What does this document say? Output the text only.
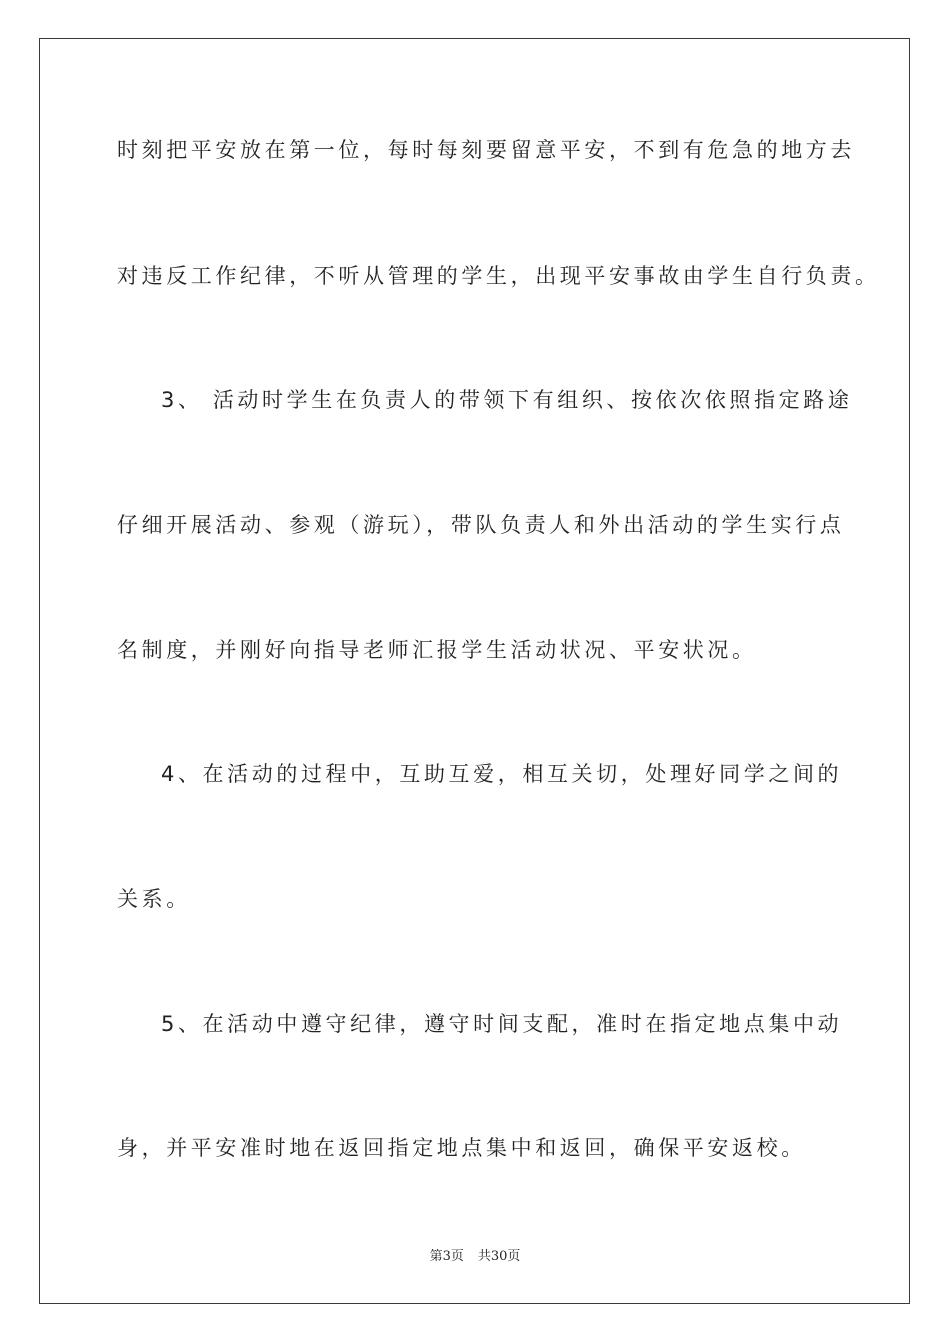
时刻把平安放在第一位，每时每刻要留意平安，不到有危急的地方去
对违反工作纪律，不听从管理的学生，出现平安事故由学生自行负责。
3、 活动时学生在负责人的带领下有组织、按依次依照指定路途
仔细开展活动、参观（游玩），带队负责人和外出活动的学生实行点
名制度，并刚好向指导老师汇报学生活动状况、平安状况。
4、在活动的过程中，互助互爱，相互关切，处理好同学之间的
关系。
5、在活动中遵守纪律，遵守时间支配，准时在指定地点集中动
身，并平安准时地在返回指定地点集中和返回，确保平安返校。
第3页 共30页
